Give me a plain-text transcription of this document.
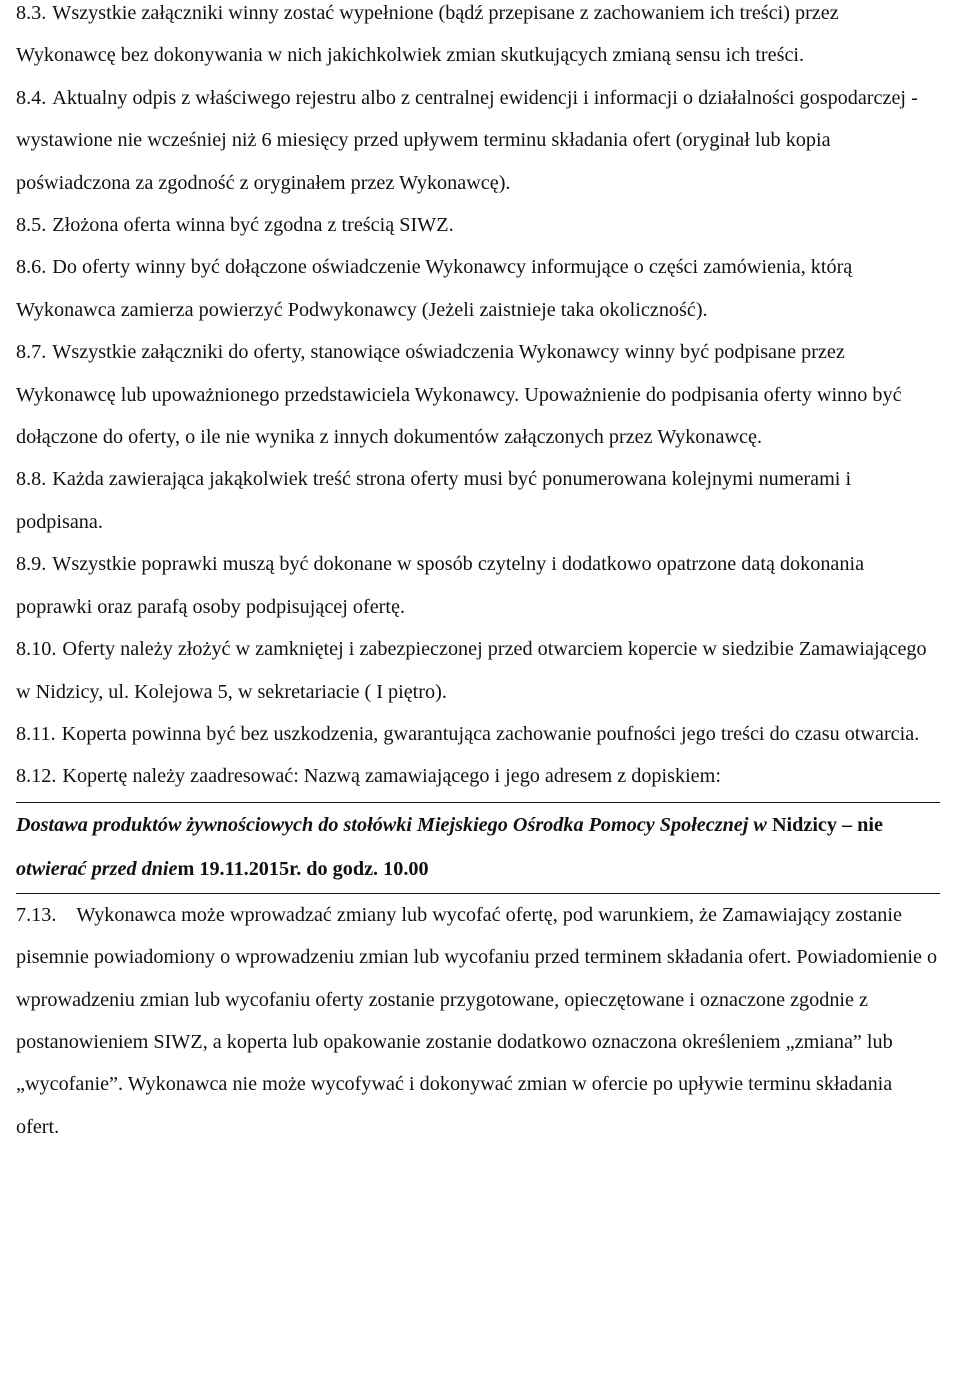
8.3. Wszystkie załączniki winny zostać wypełnione (bądź przepisane z zachowaniem ich treści) przez Wykonawcę bez dokonywania w nich jakichkolwiek zmian skutkujących zmianą sensu ich treści.

8.4. Aktualny odpis z właściwego rejestru albo z centralnej ewidencji i informacji o działalności gospodarczej - wystawione nie wcześniej niż 6 miesięcy przed upływem terminu składania ofert (oryginał lub kopia poświadczona za zgodność z oryginałem przez Wykonawcę).

8.5. Złożona oferta winna być zgodna z treścią SIWZ.

8.6. Do oferty winny być dołączone oświadczenie Wykonawcy informujące o części zamówienia, którą Wykonawca zamierza powierzyć Podwykonawcy (Jeżeli zaistnieje taka okoliczność).

8.7. Wszystkie załączniki do oferty, stanowiące oświadczenia Wykonawcy winny być podpisane przez Wykonawcę lub upoważnionego przedstawiciela Wykonawcy. Upoważnienie do podpisania oferty winno być dołączone do oferty, o ile nie wynika z innych dokumentów załączonych przez Wykonawcę.

8.8. Każda zawierająca jakąkolwiek treść strona oferty musi być ponumerowana kolejnymi numerami i podpisana.

8.9. Wszystkie poprawki muszą być dokonane w sposób czytelny i dodatkowo opatrzone datą dokonania poprawki oraz parafą osoby podpisującej ofertę.

8.10. Oferty należy złożyć w zamkniętej i zabezpieczonej przed otwarciem kopercie w siedzibie Zamawiającego w Nidzicy, ul. Kolejowa 5, w sekretariacie ( I piętro).

8.11. Koperta powinna być bez uszkodzenia, gwarantująca zachowanie poufności jego treści do czasu otwarcia.

8.12. Kopertę należy zaadresować: Nazwą zamawiającego i jego adresem z dopiskiem:

Dostawa produktów żywnościowych do stołówki Miejskiego Ośrodka Pomocy Społecznej w Nidzicy – nie otwierać przed dniem 19.11.2015r. do godz. 10.00

7.13. Wykonawca może wprowadzać zmiany lub wycofać ofertę, pod warunkiem, że Zamawiający zostanie pisemnie powiadomiony o wprowadzeniu zmian lub wycofaniu przed terminem składania ofert. Powiadomienie o wprowadzeniu zmian lub wycofaniu oferty zostanie przygotowane, opieczętowane i oznaczone zgodnie z postanowieniem SIWZ, a koperta lub opakowanie zostanie dodatkowo oznaczona określeniem „zmiana” lub „wycofanie”. Wykonawca nie może wycofywać i dokonywać zmian w ofercie po upływie terminu składania ofert.
